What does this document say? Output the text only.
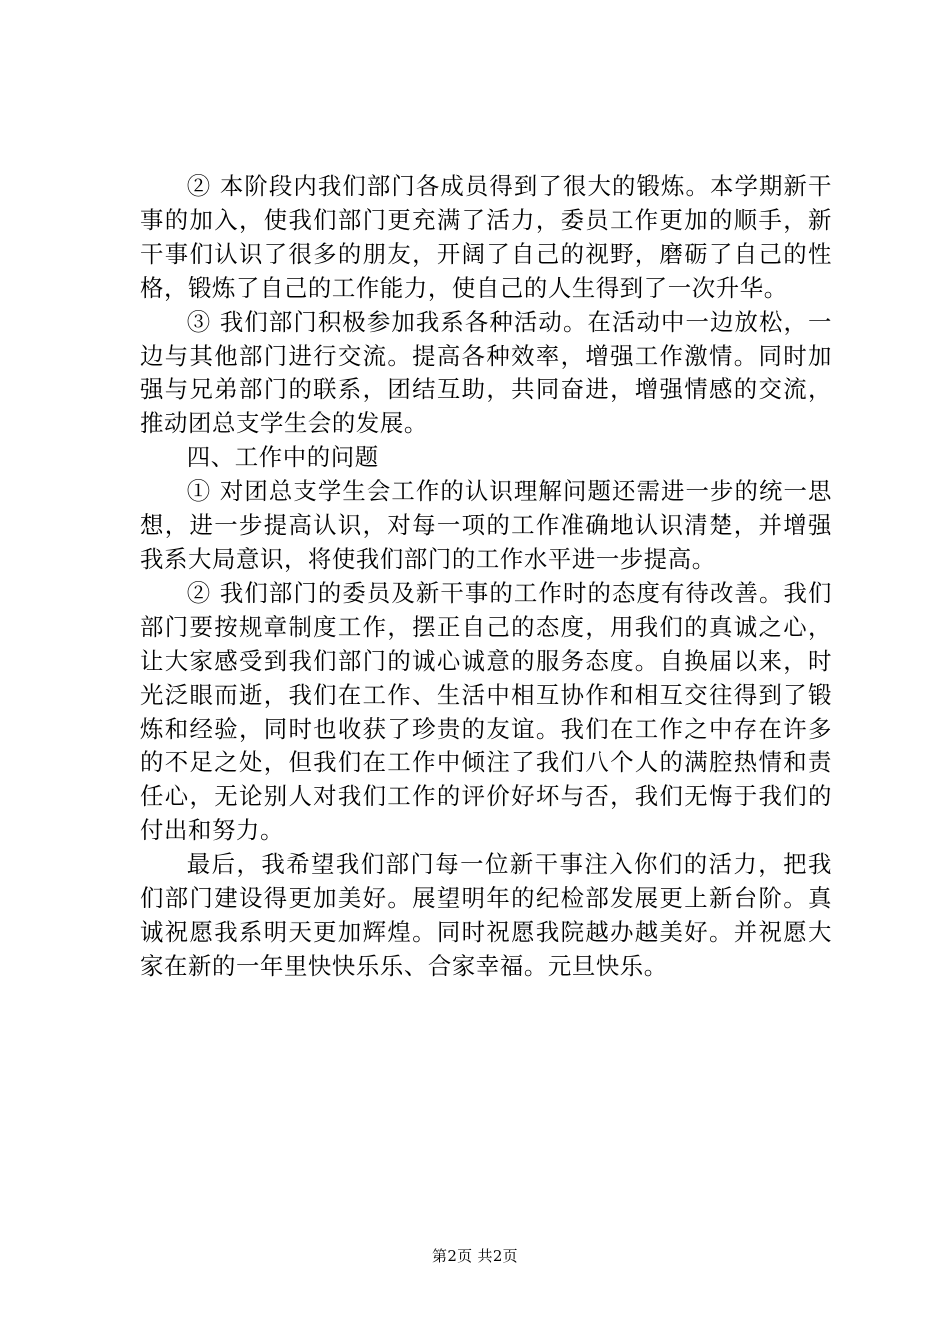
② 本阶段内我们部门各成员得到了很大的锻炼。本学期新干事的加入，使我们部门更充满了活力，委员工作更加的顺手，新干事们认识了很多的朋友，开阔了自己的视野，磨砺了自己的性格，锻炼了自己的工作能力，使自己的人生得到了一次升华。

③ 我们部门积极参加我系各种活动。在活动中一边放松，一边与其他部门进行交流。提高各种效率，增强工作激情。同时加强与兄弟部门的联系，团结互助，共同奋进，增强情感的交流，推动团总支学生会的发展。

四、工作中的问题

① 对团总支学生会工作的认识理解问题还需进一步的统一思想，进一步提高认识，对每一项的工作准确地认识清楚，并增强我系大局意识，将使我们部门的工作水平进一步提高。

② 我们部门的委员及新干事的工作时的态度有待改善。我们部门要按规章制度工作，摆正自己的态度，用我们的真诚之心，让大家感受到我们部门的诚心诚意的服务态度。自换届以来，时光泛眼而逝，我们在工作、生活中相互协作和相互交往得到了锻炼和经验，同时也收获了珍贵的友谊。我们在工作之中存在许多的不足之处，但我们在工作中倾注了我们八个人的满腔热情和责任心，无论别人对我们工作的评价好坏与否，我们无悔于我们的付出和努力。

最后，我希望我们部门每一位新干事注入你们的活力，把我们部门建设得更加美好。展望明年的纪检部发展更上新台阶。真诚祝愿我系明天更加辉煌。同时祝愿我院越办越美好。并祝愿大家在新的一年里快快乐乐、合家幸福。元旦快乐。

第2页 共2页
